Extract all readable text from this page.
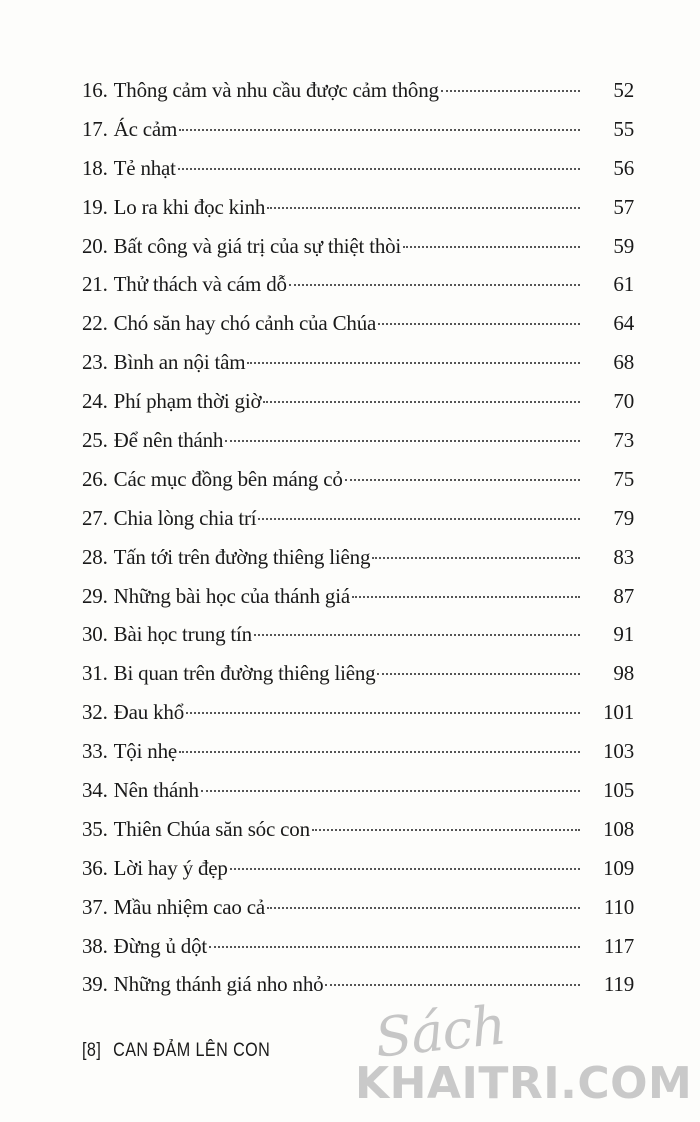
16. Thông cảm và nhu cầu được cảm thông	52
17. Ác cảm	55
18. Tẻ nhạt	56
19. Lo ra khi đọc kinh	57
20. Bất công và giá trị của sự thiệt thòi	59
21. Thử thách và cám dỗ	61
22. Chó săn hay chó cảnh của Chúa	64
23. Bình an nội tâm	68
24. Phí phạm thời giờ	70
25. Để nên thánh	73
26. Các mục đồng bên máng cỏ	75
27. Chia lòng chia trí	79
28. Tấn tới trên đường thiêng liêng	83
29. Những bài học của thánh giá	87
30. Bài học trung tín	91
31. Bi quan trên đường thiêng liêng	98
32. Đau khổ	101
33. Tội nhẹ	103
34. Nên thánh	105
35. Thiên Chúa săn sóc con	108
36. Lời hay ý đẹp	109
37. Mầu nhiệm cao cả	110
38. Đừng ủ dột	117
39. Những thánh giá nho nhỏ	119
[8] CAN ĐẢM LÊN CON Sách
KHAITRI.COM
